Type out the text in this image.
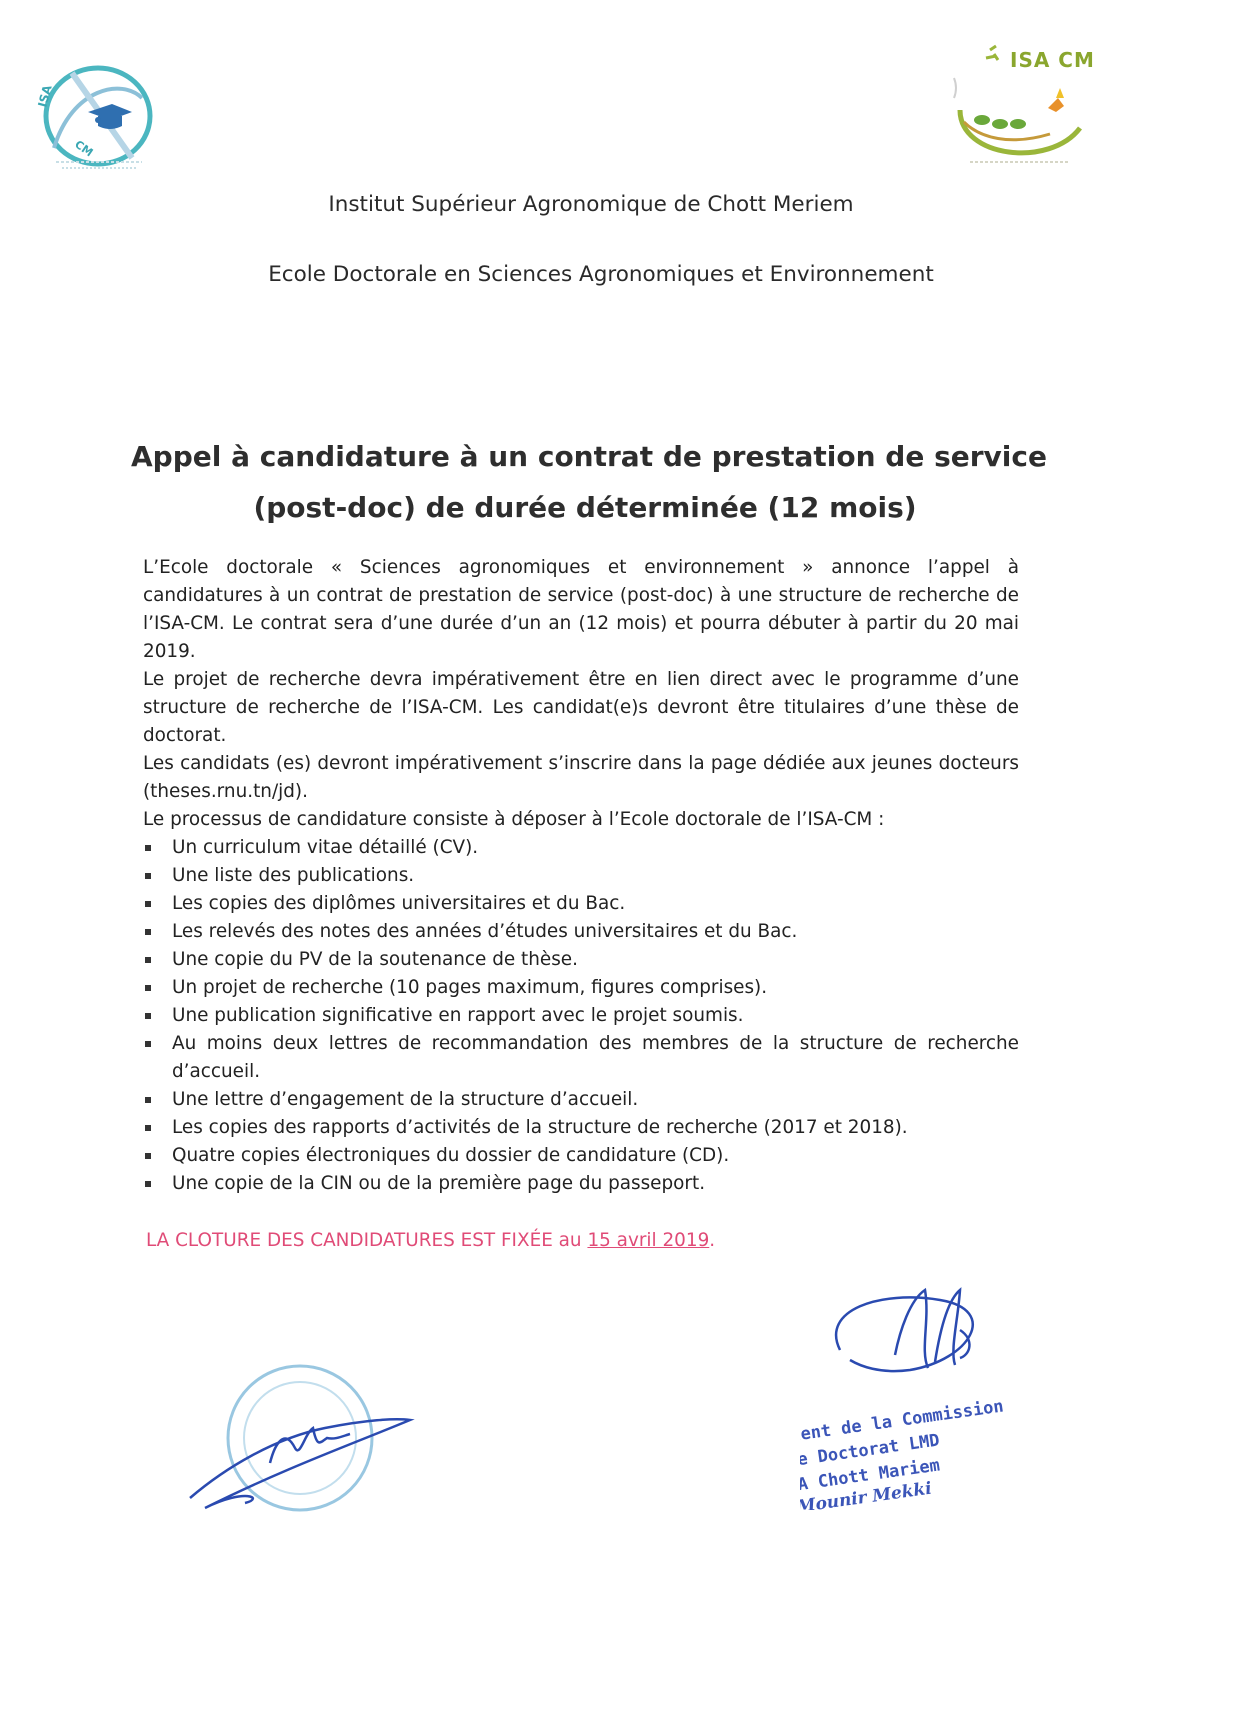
ISA
CM
ISA CM
Institut Supérieur Agronomique de Chott Meriem
Ecole Doctorale en Sciences Agronomiques et Environnement
Appel à candidature à un contrat de prestation de service
(post-doc) de durée déterminée (12 mois)

L’Ecole doctorale « Sciences agronomiques et environnement » annonce l’appel à candidatures à un contrat de prestation de service (post-doc) à une structure de recherche de l’ISA-CM. Le contrat sera d’une durée d’un an (12 mois) et pourra débuter à partir du 20 mai 2019.

Le projet de recherche devra impérativement être en lien direct avec le programme d’une structure de recherche de l’ISA-CM. Les candidat(e)s devront être titulaires d’une thèse de doctorat.

Les candidats (es) devront impérativement s’inscrire dans la page dédiée aux jeunes docteurs (theses.rnu.tn/jd).

Le processus de candidature consiste à déposer à l’Ecole doctorale de l’ISA-CM :

Un curriculum vitae détaillé (CV).
Une liste des publications.
Les copies des diplômes universitaires et du Bac.
Les relevés des notes des années d’études universitaires et du Bac.
Une copie du PV de la soutenance de thèse.
Un projet de recherche (10 pages maximum, figures comprises).
Une publication significative en rapport avec le projet soumis.
Au moins deux lettres de recommandation des membres de la structure de recherche d’accueil.
Une lettre d’engagement de la structure d’accueil.
Les copies des rapports d’activités de la structure de recherche (2017 et 2018).
Quatre copies électroniques du dossier de candidature (CD).
Une copie de la CIN ou de la première page du passeport.
LA CLOTURE DES CANDIDATURES EST FIXÉE au 15 avril 2019.
Président de la Commission
de Doctorat LMD
ISA Chott Mariem
Mounir Mekki
